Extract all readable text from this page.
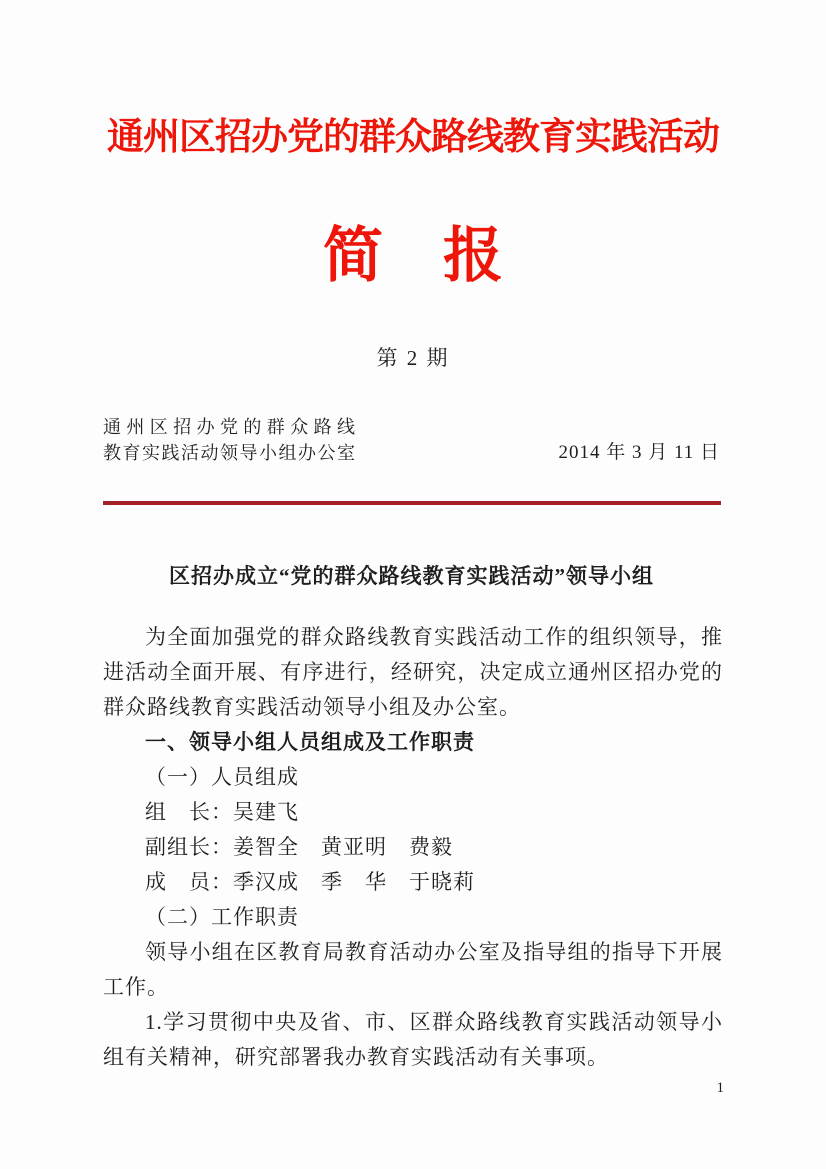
通州区招办党的群众路线教育实践活动
简　报
第 2 期
通州区招办党的群众路线
教育实践活动领导小组办公室	2014 年 3 月 11 日
区招办成立“党的群众路线教育实践活动”领导小组

为全面加强党的群众路线教育实践活动工作的组织领导，推进活动全面开展、有序进行，经研究，决定成立通州区招办党的群众路线教育实践活动领导小组及办公室。

一、领导小组人员组成及工作职责

（一）人员组成

组　长：吴建飞

副组长：姜智全　黄亚明　费毅

成　员：季汉成　季　华　于晓莉

（二）工作职责

领导小组在区教育局教育活动办公室及指导组的指导下开展工作。

1.学习贯彻中央及省、市、区群众路线教育实践活动领导小组有关精神，研究部署我办教育实践活动有关事项。

1
